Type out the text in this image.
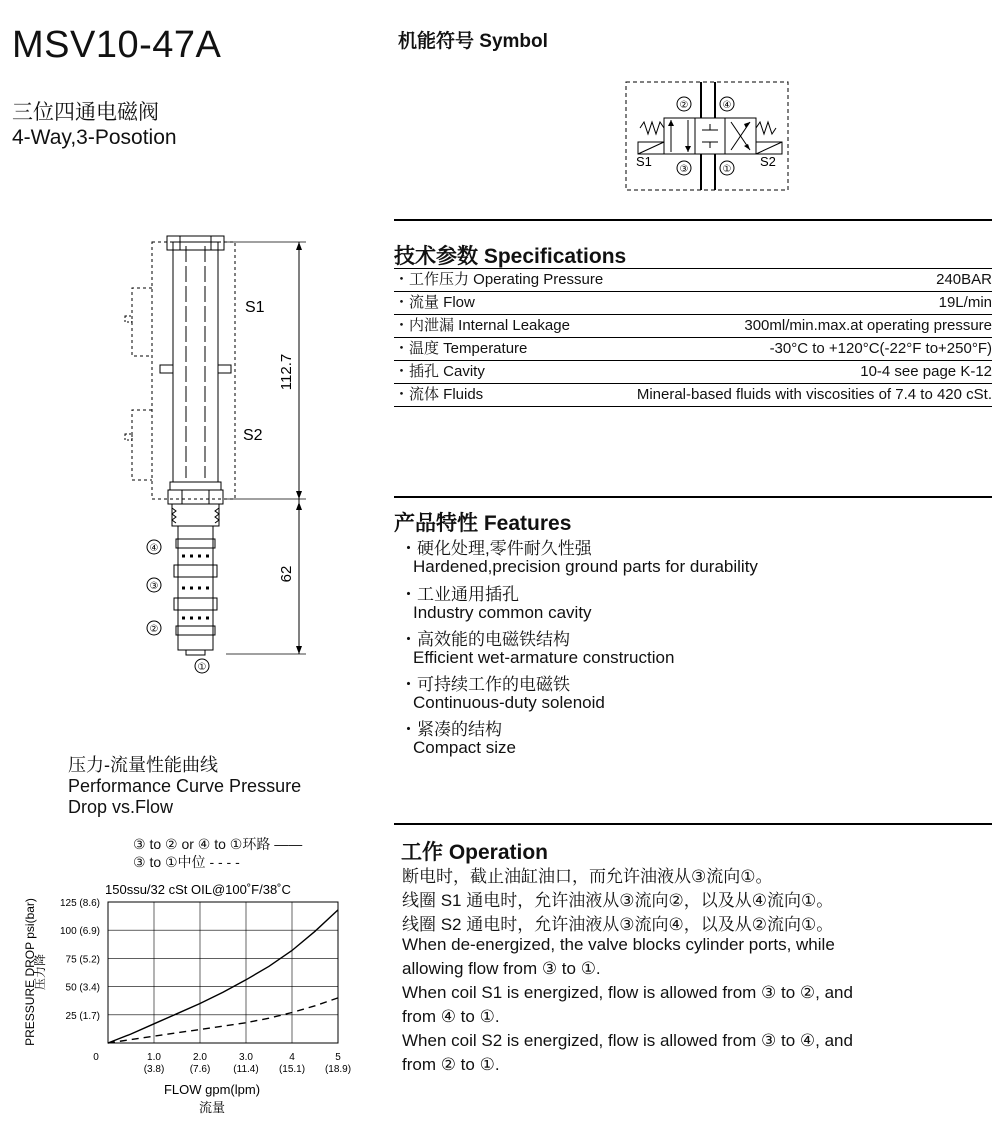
MSV10-47A
三位四通电磁阀
4-Way,3-Posotion
机能符号 Symbol
②	④
③	①
S1	S2
S1
S2
112.7
62
④
③
②
①
技术参数 Specifications
・工作压力 Operating Pressure	240BAR
・流量 Flow	19L/min
・内泄漏 Internal Leakage	300ml/min.max.at operating pressure
・温度 Temperature	-30°C to +120°C(-22°F to+250°F)
・插孔 Cavity	10-4 see page K-12
・流体 Fluids	Mineral-based fluids with viscosities of 7.4 to 420 cSt.
产品特性 Features
・硬化处理,零件耐久性强
Hardened,precision ground parts for durability
・工业通用插孔
Industry common cavity
・高效能的电磁铁结构
Efficient wet-armature construction
・可持续工作的电磁铁
Continuous-duty solenoid
・紧凑的结构
Compact size
工作 Operation
断电时，截止油缸油口，而允许油液从③流向①。
线圈 S1 通电时，允许油液从③流向②，以及从④流向①。
线圈 S2 通电时，允许油液从③流向④，以及从②流向①。
When de-energized, the valve blocks cylinder ports, while
allowing flow from ③ to ①.
When coil S1 is energized, flow is allowed from ③ to ②, and
from ④ to ①.
When coil S2 is energized, flow is allowed from ③ to ④, and
from ② to ①.
压力-流量性能曲线
Performance Curve Pressure
Drop vs.Flow
③ to ② or ④ to ①环路 ——
③ to ①中位 - - - -
150ssu/32 cSt OIL@100˚F/38˚C
25 (1.7)
50 (3.4)
75 (5.2)
100 (6.9)
125 (8.6)
0	1.0
(3.8)
2.0
(7.6)
3.0
(11.4)
4
(15.1)
5
(18.9)
压力降
PRESSURE DROP psi(bar)
FLOW gpm(lpm)
流量
